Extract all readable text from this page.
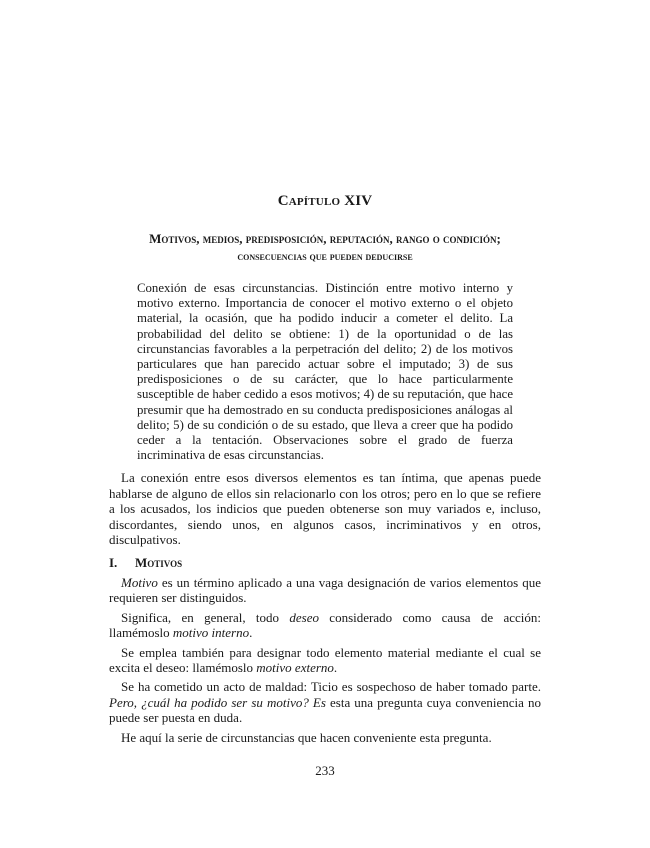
Capítulo XIV
Motivos, medios, predisposición, reputación, rango o condición;
consecuencias que pueden deducirse

Conexión de esas circunstancias. Distinción entre motivo interno y motivo externo. Importancia de conocer el motivo externo o el objeto material, la ocasión, que ha podido inducir a cometer el delito. La probabilidad del delito se obtiene: 1) de la oportunidad o de las circunstancias favorables a la perpetración del delito; 2) de los motivos particulares que han parecido actuar sobre el imputado; 3) de sus predisposiciones o de su carácter, que lo hace particularmente susceptible de haber cedido a esos motivos; 4) de su reputación, que hace presumir que ha demostrado en su conducta predisposiciones análogas al delito; 5) de su condición o de su estado, que lleva a creer que ha podido ceder a la tentación. Observaciones sobre el grado de fuerza incriminativa de esas circunstancias.

La conexión entre esos diversos elementos es tan íntima, que apenas puede hablarse de alguno de ellos sin relacionarlo con los otros; pero en lo que se refiere a los acusados, los indicios que pueden obtenerse son muy variados e, incluso, discordantes, siendo unos, en algunos casos, incriminativos y en otros, disculpativos.

I. Motivos

Motivo es un término aplicado a una vaga designación de varios elementos que requieren ser distinguidos.

Significa, en general, todo deseo considerado como causa de acción: llamémoslo motivo interno.

Se emplea también para designar todo elemento material mediante el cual se excita el deseo: llamémoslo motivo externo.

Se ha cometido un acto de maldad: Ticio es sospechoso de haber tomado parte. Pero, ¿cuál ha podido ser su motivo? Es esta una pregunta cuya conveniencia no puede ser puesta en duda.

He aquí la serie de circunstancias que hacen conveniente esta pregunta.

233
